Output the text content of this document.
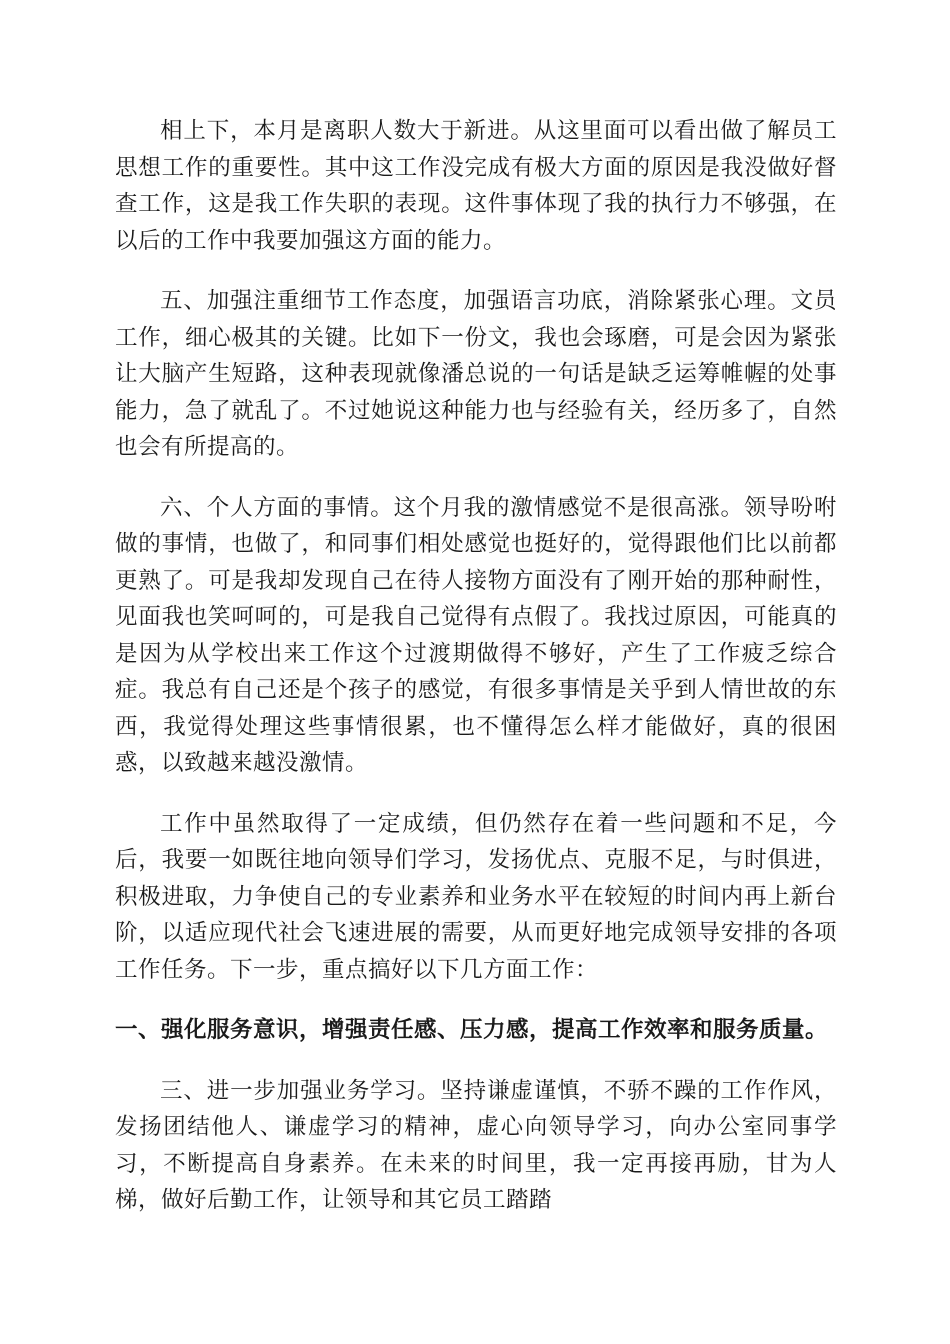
相上下，本月是离职人数大于新进。从这里面可以看出做了解员工思想工作的重要性。其中这工作没完成有极大方面的原因是我没做好督查工作，这是我工作失职的表现。这件事体现了我的执行力不够强，在以后的工作中我要加强这方面的能力。

五、加强注重细节工作态度，加强语言功底，消除紧张心理。文员工作，细心极其的关键。比如下一份文，我也会琢磨，可是会因为紧张让大脑产生短路，这种表现就像潘总说的一句话是缺乏运筹帷幄的处事能力，急了就乱了。不过她说这种能力也与经验有关，经历多了，自然也会有所提高的。

六、个人方面的事情。这个月我的激情感觉不是很高涨。领导吩咐做的事情，也做了，和同事们相处感觉也挺好的，觉得跟他们比以前都更熟了。可是我却发现自己在待人接物方面没有了刚开始的那种耐性，见面我也笑呵呵的，可是我自己觉得有点假了。我找过原因，可能真的是因为从学校出来工作这个过渡期做得不够好，产生了工作疲乏综合症。我总有自己还是个孩子的感觉，有很多事情是关乎到人情世故的东西，我觉得处理这些事情很累，也不懂得怎么样才能做好，真的很困惑，以致越来越没激情。

工作中虽然取得了一定成绩，但仍然存在着一些问题和不足，今后，我要一如既往地向领导们学习，发扬优点、克服不足，与时俱进，积极进取，力争使自己的专业素养和业务水平在较短的时间内再上新台阶，以适应现代社会飞速进展的需要，从而更好地完成领导安排的各项工作任务。下一步，重点搞好以下几方面工作：

一、强化服务意识，增强责任感、压力感，提高工作效率和服务质量。

三、进一步加强业务学习。坚持谦虚谨慎，不骄不躁的工作作风，发扬团结他人、谦虚学习的精神，虚心向领导学习，向办公室同事学习，不断提高自身素养。在未来的时间里，我一定再接再励，甘为人梯，做好后勤工作，让领导和其它员工踏踏
